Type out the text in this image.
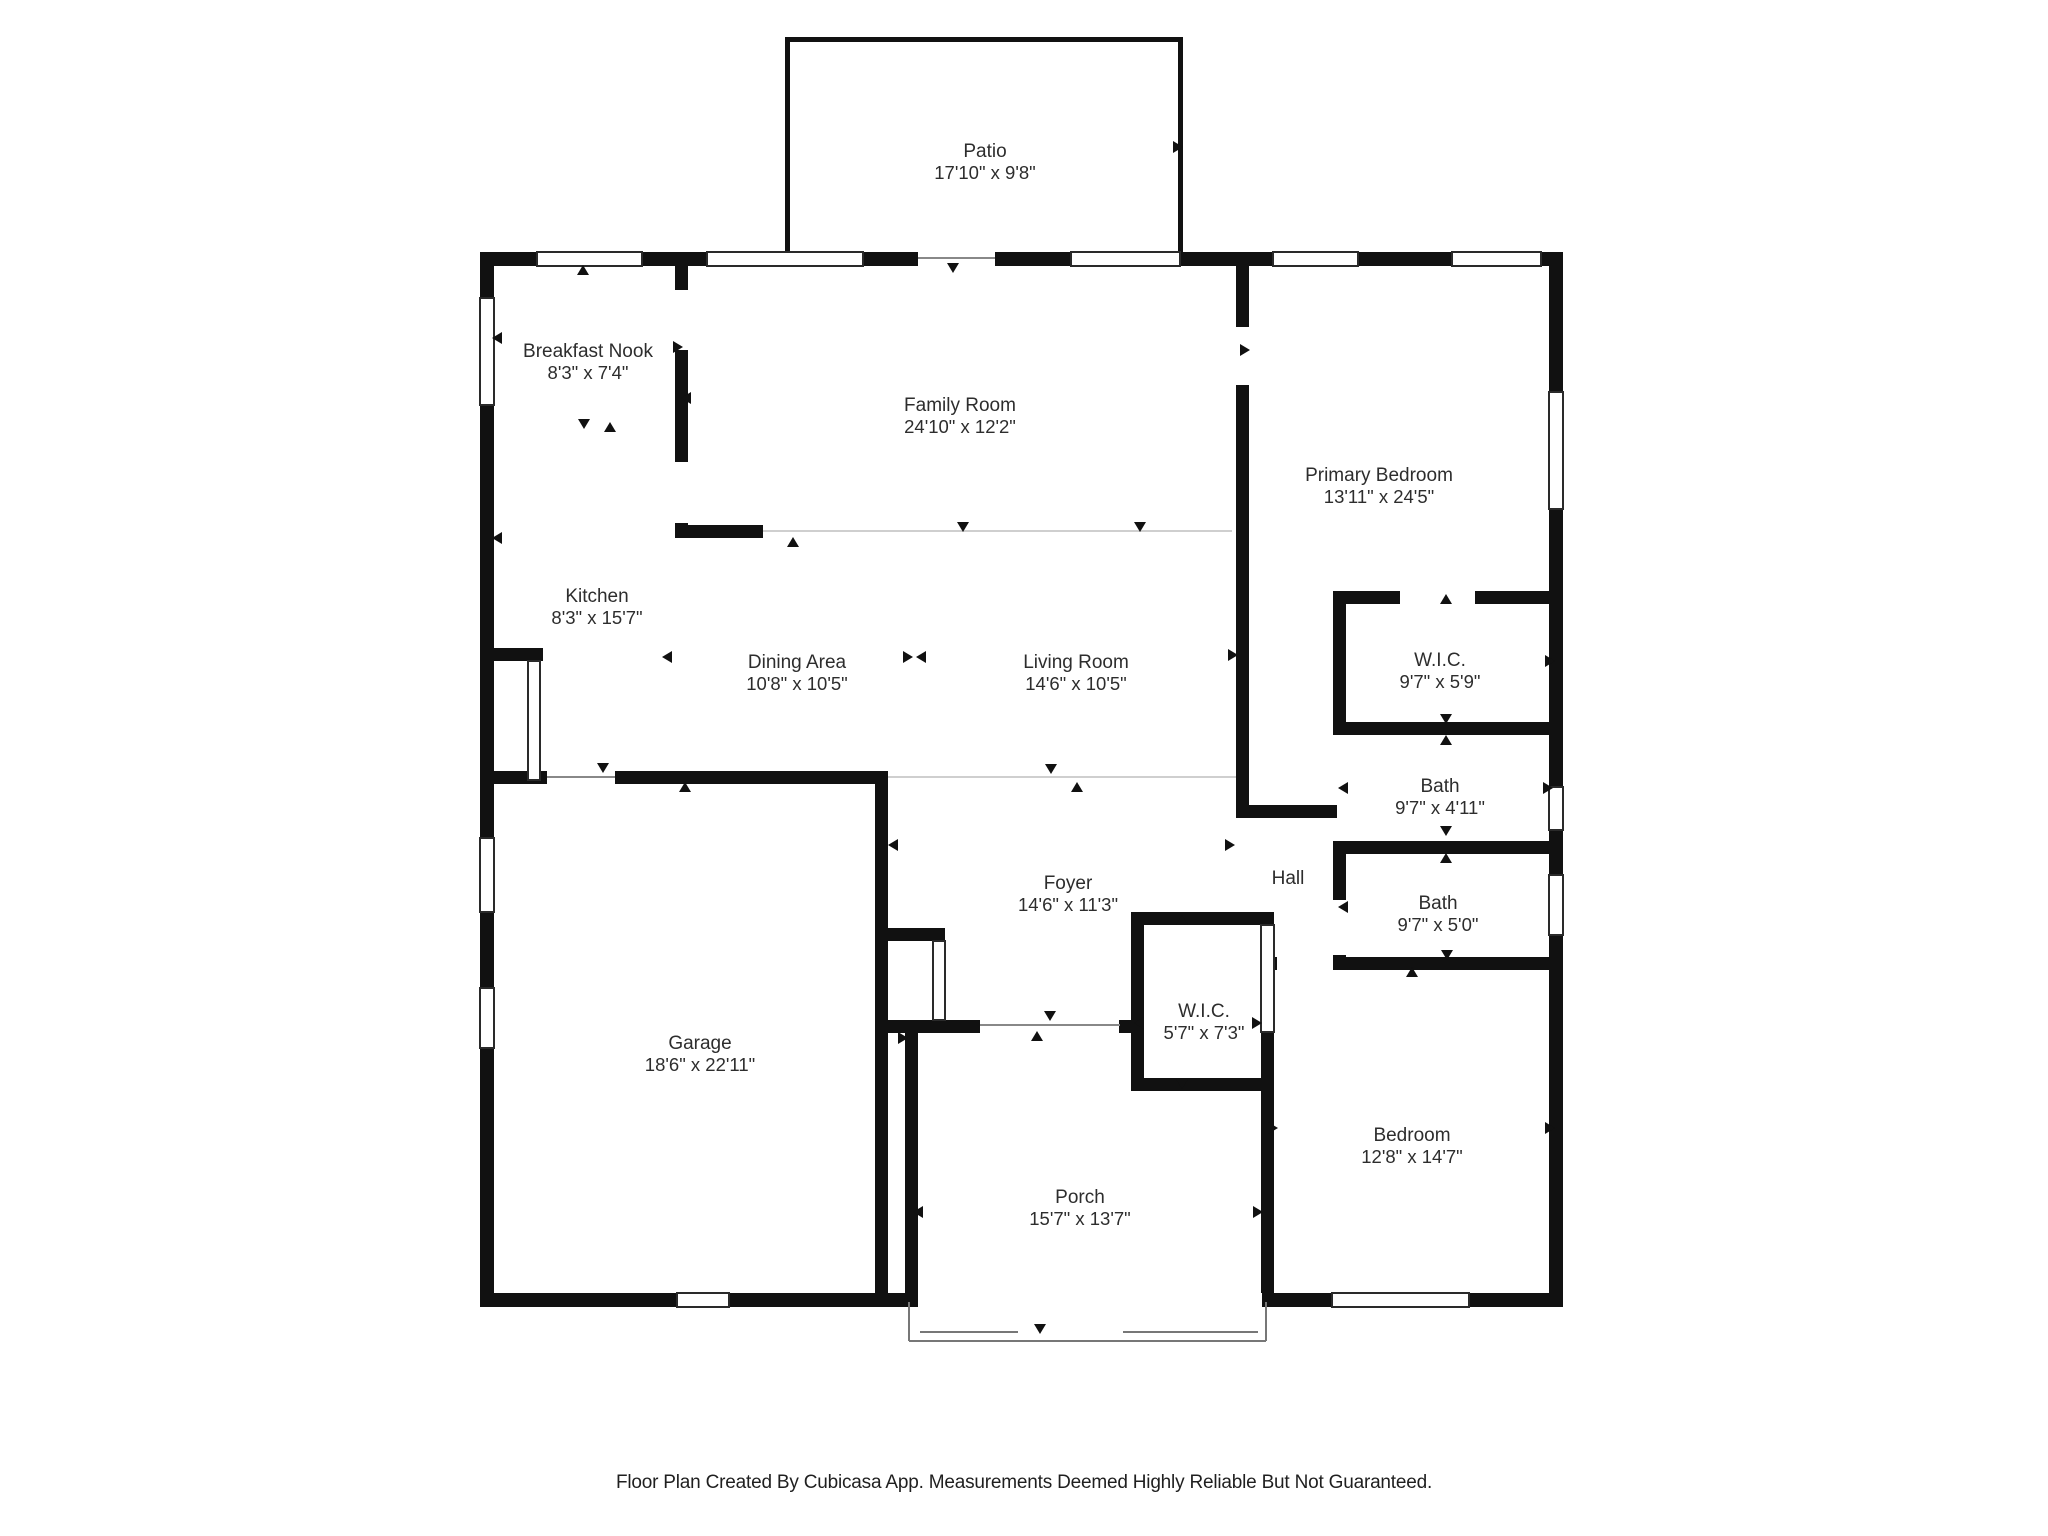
Patio
17'10" x 9'8"
Breakfast Nook
8'3" x 7'4"
Family Room
24'10" x 12'2"
Primary Bedroom
13'11" x 24'5"
Kitchen
8'3" x 15'7"
Dining Area
10'8" x 10'5"
Living Room
14'6" x 10'5"
W.I.C.
9'7" x 5'9"
Bath
9'7" x 4'11"
Hall
Bath
9'7" x 5'0"
Foyer
14'6" x 11'3"
W.I.C.
5'7" x 7'3"
Garage
18'6" x 22'11"
Porch
15'7" x 13'7"
Bedroom
12'8" x 14'7"
Floor Plan Created By Cubicasa App. Measurements Deemed Highly Reliable But Not Guaranteed.
